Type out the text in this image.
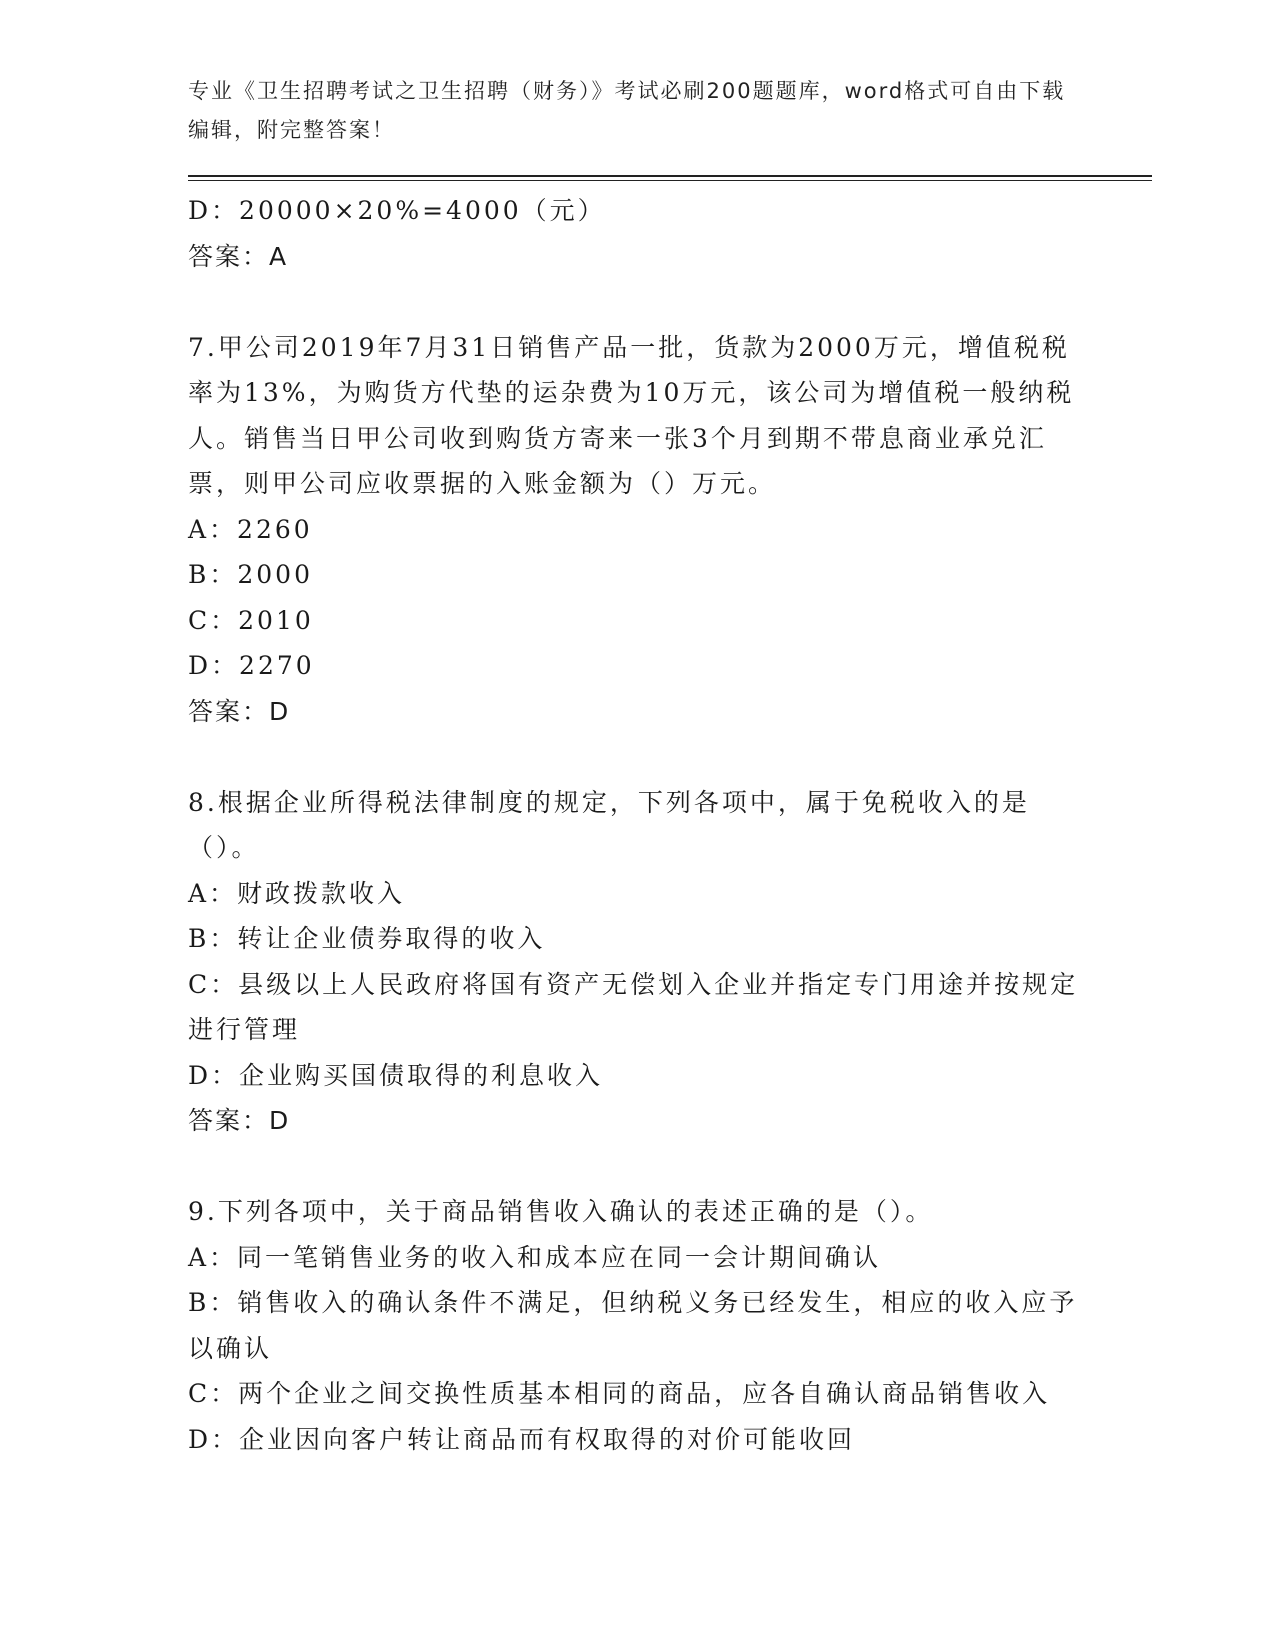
专业《卫生招聘考试之卫生招聘（财务）》考试必刷200题题库，word格式可自由下载编辑，附完整答案！
D：20000×20%=4000（元）
答案：A
7.甲公司2019年7月31日销售产品一批，货款为2000万元，增值税税率为13%，为购货方代垫的运杂费为10万元，该公司为增值税一般纳税人。销售当日甲公司收到购货方寄来一张3个月到期不带息商业承兑汇票，则甲公司应收票据的入账金额为（）万元。
A：2260
B：2000
C：2010
D：2270
答案：D
8.根据企业所得税法律制度的规定，下列各项中，属于免税收入的是（）。
A：财政拨款收入
B：转让企业债券取得的收入
C：县级以上人民政府将国有资产无偿划入企业并指定专门用途并按规定进行管理
D：企业购买国债取得的利息收入
答案：D
9.下列各项中，关于商品销售收入确认的表述正确的是（）。
A：同一笔销售业务的收入和成本应在同一会计期间确认
B：销售收入的确认条件不满足，但纳税义务已经发生，相应的收入应予以确认
C：两个企业之间交换性质基本相同的商品，应各自确认商品销售收入
D：企业因向客户转让商品而有权取得的对价可能收回
